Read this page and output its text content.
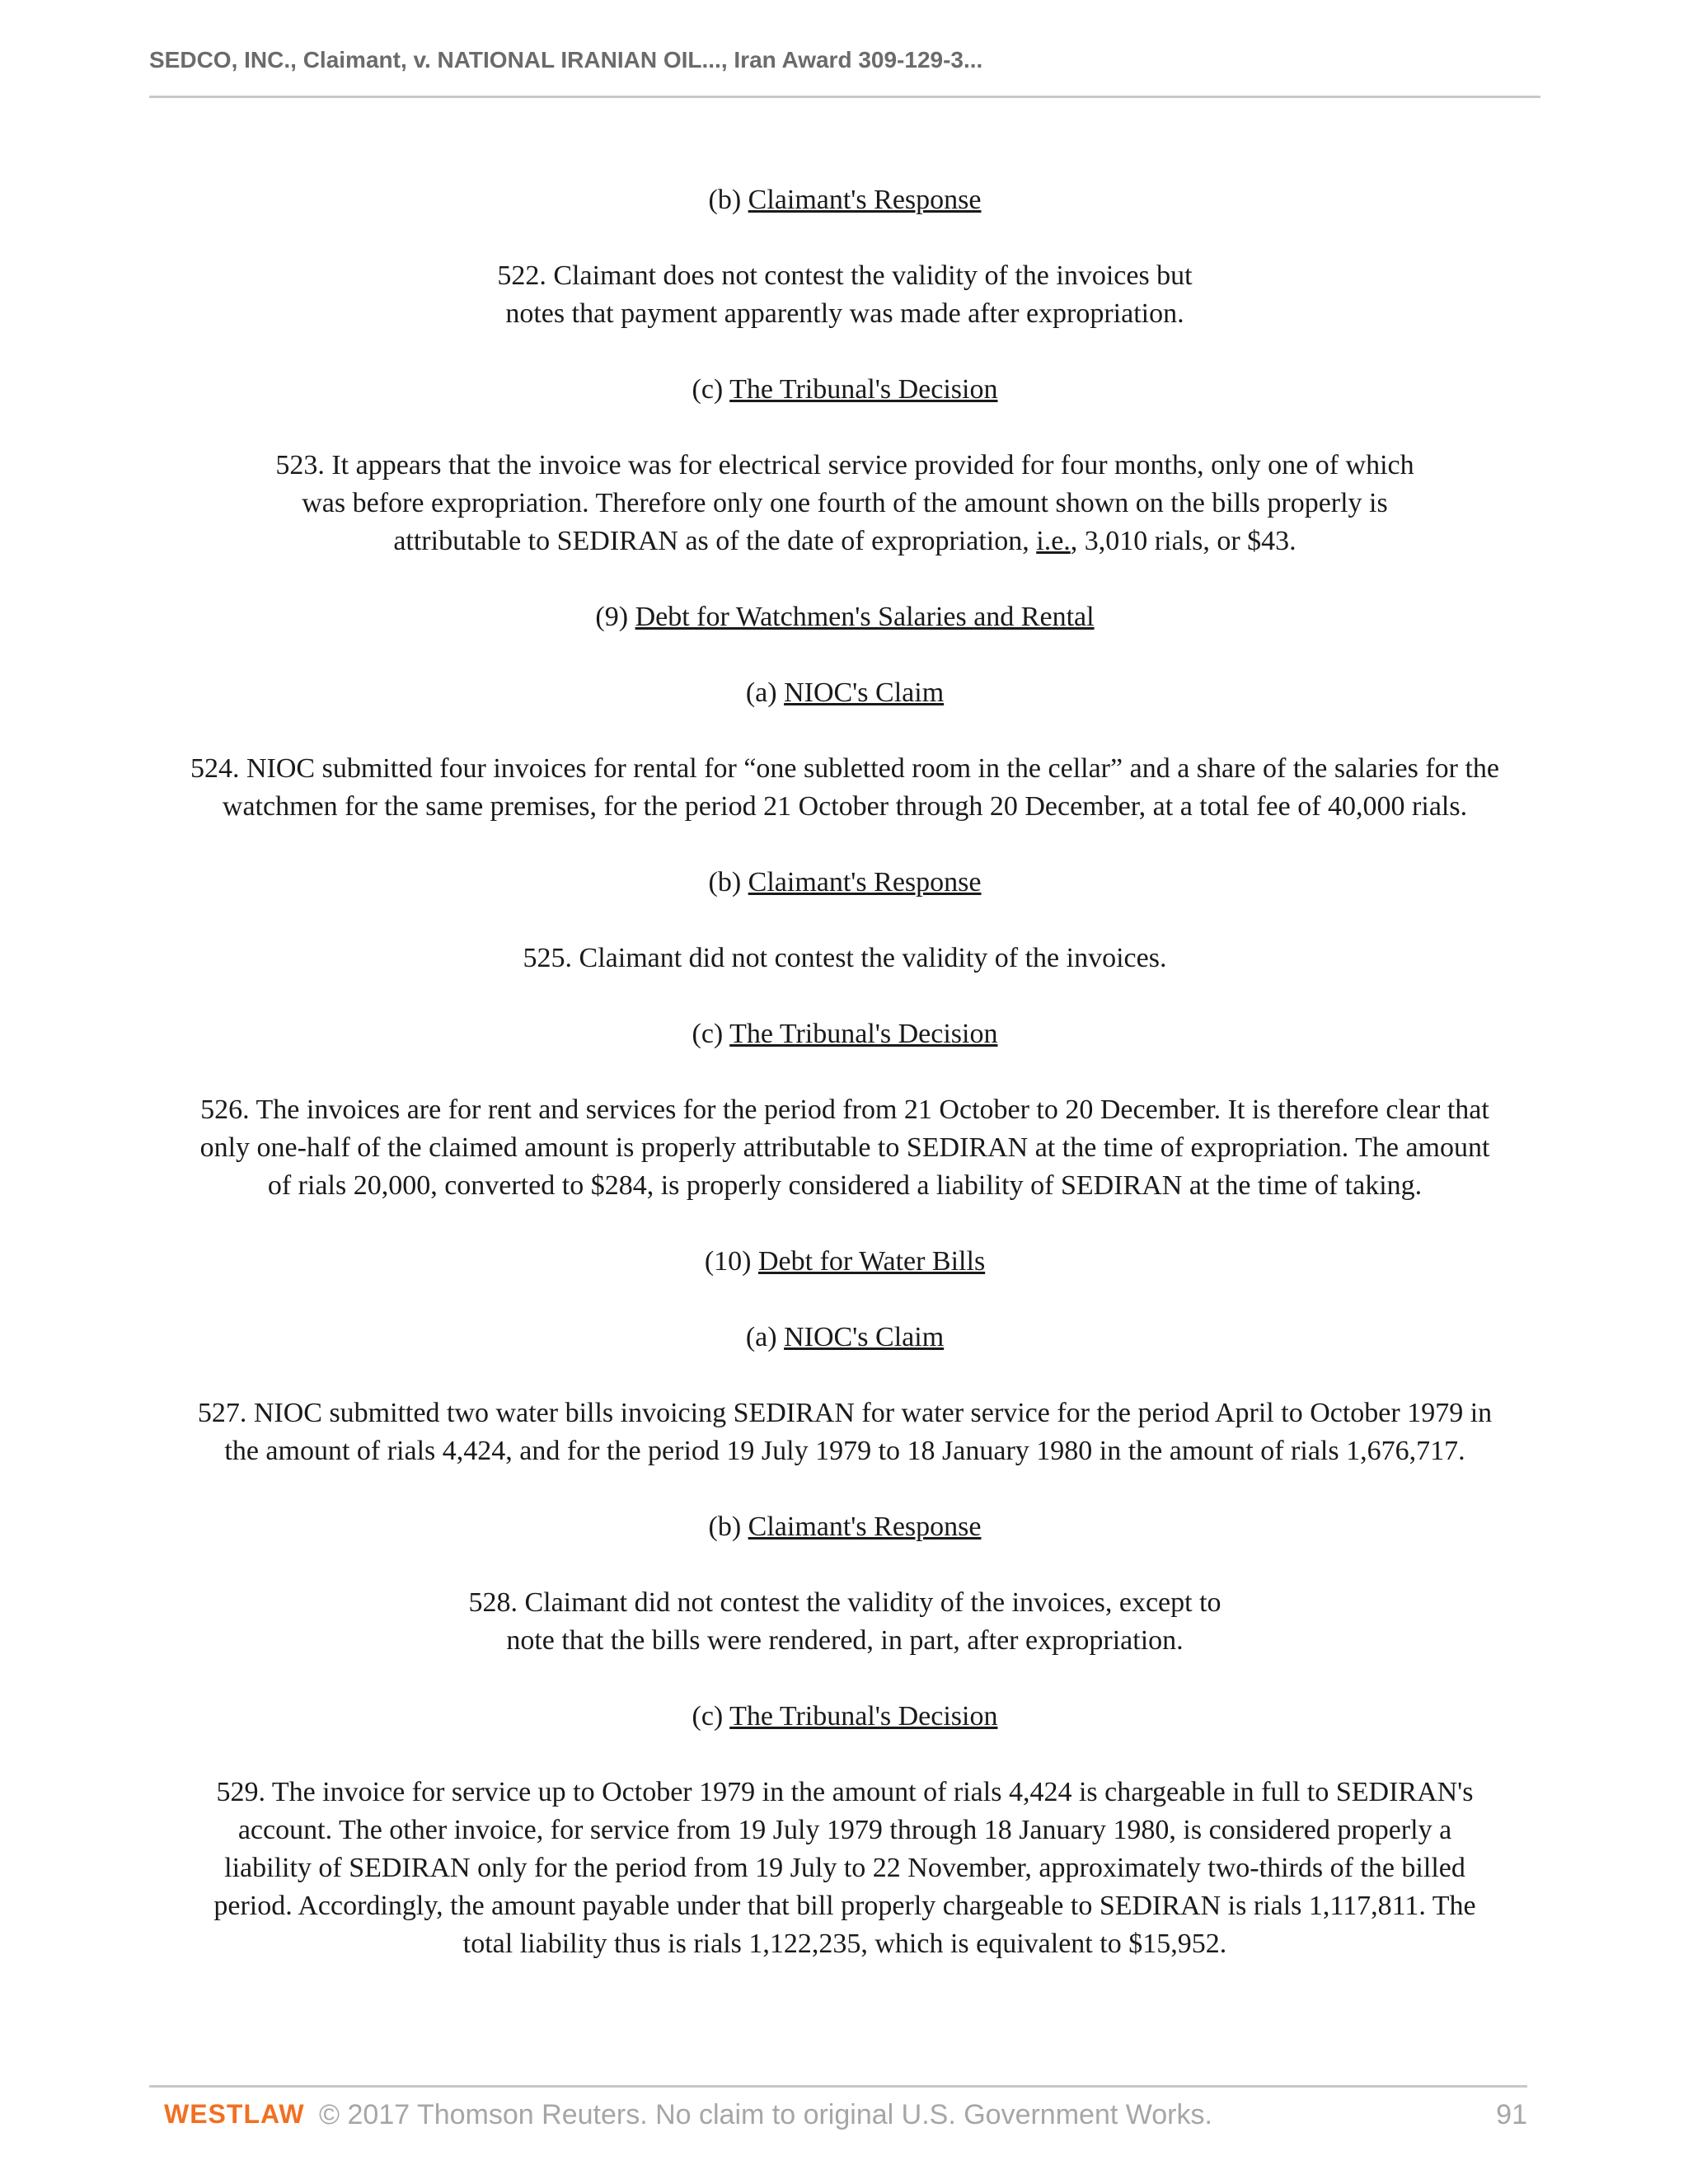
SEDCO, INC., Claimant, v. NATIONAL IRANIAN OIL..., Iran Award 309-129-3...

(b) Claimant's Response

522. Claimant does not contest the validity of the invoices but notes that payment apparently was made after expropriation.

(c) The Tribunal's Decision

523. It appears that the invoice was for electrical service provided for four months, only one of which was before expropriation. Therefore only one fourth of the amount shown on the bills properly is attributable to SEDIRAN as of the date of expropriation, i.e., 3,010 rials, or $43.

(9) Debt for Watchmen's Salaries and Rental

(a) NIOC's Claim

524. NIOC submitted four invoices for rental for “one subletted room in the cellar” and a share of the salaries for the watchmen for the same premises, for the period 21 October through 20 December, at a total fee of 40,000 rials.

(b) Claimant's Response

525. Claimant did not contest the validity of the invoices.

(c) The Tribunal's Decision

526. The invoices are for rent and services for the period from 21 October to 20 December. It is therefore clear that only one-half of the claimed amount is properly attributable to SEDIRAN at the time of expropriation. The amount of rials 20,000, converted to $284, is properly considered a liability of SEDIRAN at the time of taking.

(10) Debt for Water Bills

(a) NIOC's Claim

527. NIOC submitted two water bills invoicing SEDIRAN for water service for the period April to October 1979 in the amount of rials 4,424, and for the period 19 July 1979 to 18 January 1980 in the amount of rials 1,676,717.

(b) Claimant's Response

528. Claimant did not contest the validity of the invoices, except to note that the bills were rendered, in part, after expropriation.

(c) The Tribunal's Decision

529. The invoice for service up to October 1979 in the amount of rials 4,424 is chargeable in full to SEDIRAN's account. The other invoice, for service from 19 July 1979 through 18 January 1980, is considered properly a liability of SEDIRAN only for the period from 19 July to 22 November, approximately two-thirds of the billed period. Accordingly, the amount payable under that bill properly chargeable to SEDIRAN is rials 1,117,811. The total liability thus is rials 1,122,235, which is equivalent to $15,952.

WESTLAW © 2017 Thomson Reuters. No claim to original U.S. Government Works.	91
